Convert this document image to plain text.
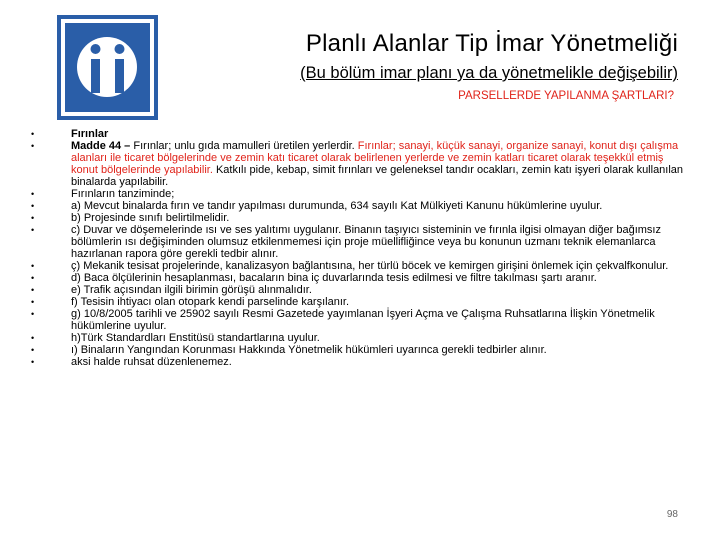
Planlı Alanlar Tip İmar Yönetmeliği
(Bu bölüm imar planı ya da yönetmelikle değişebilir)
PARSELLERDE YAPILANMA ŞARTLARI?
•	Fırınlar
•	Madde 44 – Fırınlar; unlu gıda mamulleri üretilen yerlerdir. Fırınlar; sanayi, küçük sanayi, organize sanayi, konut dışı çalışma alanları ile ticaret bölgelerinde ve zemin katı ticaret olarak belirlenen yerlerde ve zemin katları ticaret olarak teşekkül etmiş konut bölgelerinde yapılabilir. Katkılı pide, kebap, simit fırınları ve geleneksel tandır ocakları, zemin katı işyeri olarak kullanılan binalarda yapılabilir.
•	Fırınların tanziminde;
•	a) Mevcut binalarda fırın ve tandır yapılması durumunda, 634 sayılı Kat Mülkiyeti Kanunu hükümlerine uyulur.
•	b) Projesinde sınıfı belirtilmelidir.
•	c) Duvar ve döşemelerinde ısı ve ses yalıtımı uygulanır. Binanın taşıyıcı sisteminin ve fırınla ilgisi olmayan diğer bağımsız bölümlerin ısı değişiminden olumsuz etkilenmemesi için proje müellifliğince veya bu konunun uzmanı teknik elemanlarca hazırlanan rapora göre gerekli tedbir alınır.
•	ç) Mekanik tesisat projelerinde, kanalizasyon bağlantısına, her türlü böcek ve kemirgen girişini önlemek için çekvalfkonulur.
•	d) Baca ölçülerinin hesaplanması, bacaların bina iç duvarlarında tesis edilmesi ve filtre takılması şartı aranır.
•	e) Trafik açısından ilgili birimin görüşü alınmalıdır.
•	f) Tesisin ihtiyacı olan otopark kendi parselinde karşılanır.
•	g) 10/8/2005 tarihli ve 25902 sayılı Resmi Gazetede yayımlanan İşyeri Açma ve Çalışma Ruhsatlarına İlişkin Yönetmelik hükümlerine uyulur.
•	h)Türk Standardları Enstitüsü standartlarına uyulur.
•	ı) Binaların Yangından Korunması Hakkında Yönetmelik hükümleri uyarınca gerekli tedbirler alınır.
•	aksi halde ruhsat düzenlenemez.
98
